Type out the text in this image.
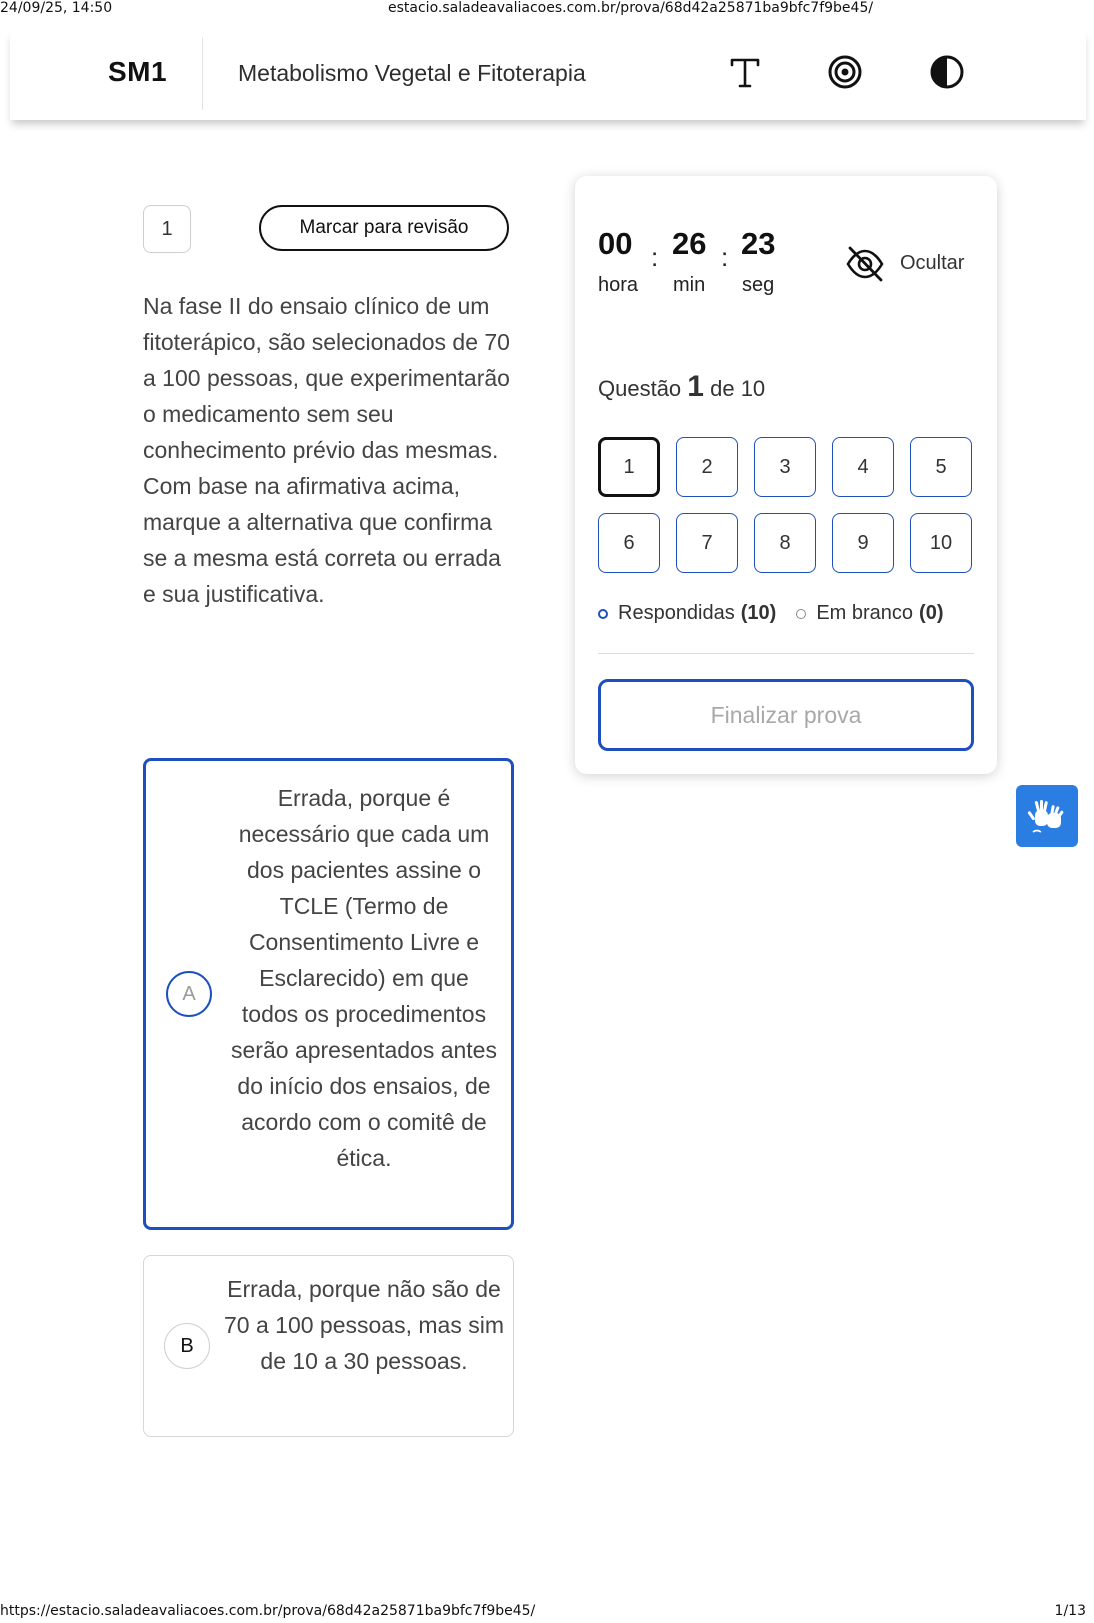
24/09/25, 14:50	estacio.saladeavaliacoes.com.br/prova/68d42a25871ba9bfc7f9be45/
SM1	Metabolismo Vegetal e Fitoterapia
1	Marcar para revisão

Na fase II do ensaio clínico de um fitoterápico, são selecionados de 70 a 100 pessoas, que experimentarão o medicamento sem seu conhecimento prévio das mesmas.

Com base na afirmativa acima, marque a alternativa que confirma se a mesma está correta ou errada e sua justificativa.

A
Errada, porque é necessário que cada um dos pacientes assine o TCLE (Termo de Consentimento Livre e Esclarecido) em que todos os procedimentos serão apresentados antes do início dos ensaios, de acordo com o comitê de ética.
B
Errada, porque não são de 70 a 100 pessoas, mas sim de 10 a 30 pessoas.
00
hora
: 26
min
: 23
seg
Ocultar
Questão 1 de 10
1	2	3	4	5
6	7	8	9	10
Respondidas (10) Em branco (0)
Finalizar prova
https://estacio.saladeavaliacoes.com.br/prova/68d42a25871ba9bfc7f9be45/	1/13
